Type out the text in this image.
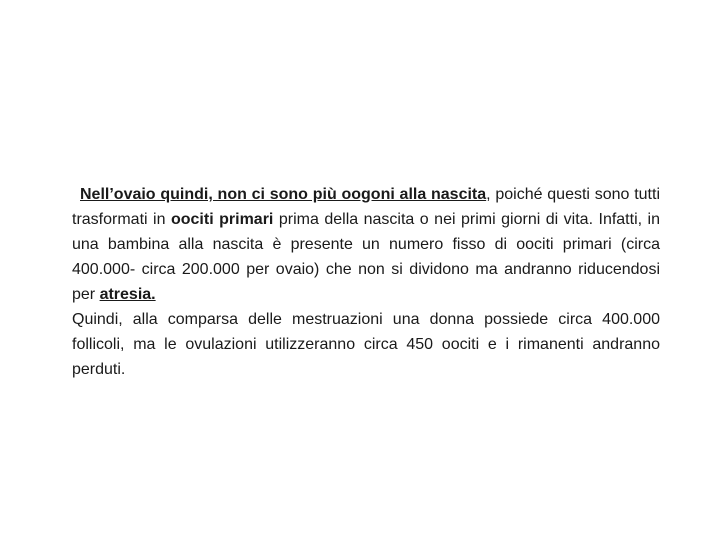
Nell’ovaio quindi, non ci sono più oogoni alla nascita, poiché questi sono tutti trasformati in oociti primari prima della nascita o nei primi giorni di vita. Infatti, in una bambina alla nascita è presente un numero fisso di oociti primari (circa 400.000- circa 200.000 per ovaio) che non si dividono ma andranno riducendosi per atresia.

Quindi, alla comparsa delle mestruazioni una donna possiede circa 400.000 follicoli, ma le ovulazioni utilizzeranno circa 450 oociti e i rimanenti andranno perduti.
